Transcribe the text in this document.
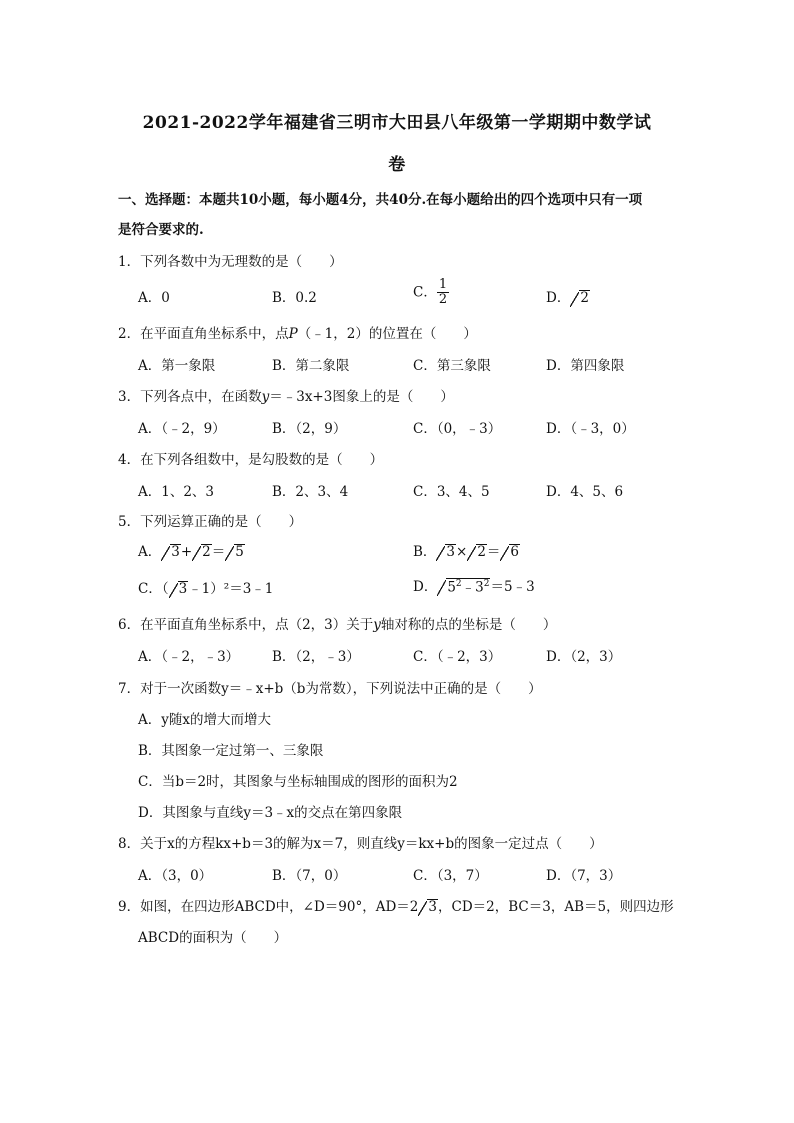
2021-2022学年福建省三明市大田县八年级第一学期期中数学试
卷
一、选择题：本题共10小题，每小题4分，共40分.在每小题给出的四个选项中只有一项
是符合要求的.
1．下列各数中为无理数的是（　　）
A．0	B．0.2	C． $\frac{1}{2}$	D． 2
2．在平面直角坐标系中，点P（﹣1，2）的位置在（　　）
A．第一象限	B．第二象限	C．第三象限	D．第四象限
3．下列各点中，在函数y＝﹣3x+3图象上的是（　　）
A．（﹣2，9）	B．（2，9）	C．（0，﹣3）	D．（﹣3，0）
4．在下列各组数中，是勾股数的是（　　）
A．1、2、3	B．2、3、4	C．3、4、5	D．4、5、6
5．下列运算正确的是（　　）
A． 3+ 2＝ 5	B． 3× 2＝ 6
C．（ 3﹣1）²＝3﹣1	D． $5^2﹣3^2=5﹣3$
6．在平面直角坐标系中，点（2，3）关于y轴对称的点的坐标是（　　）
A．（﹣2，﹣3） B．（2，﹣3）	C．（﹣2，3）	D．（2，3）
7．对于一次函数y＝﹣x+b（b为常数），下列说法中正确的是（　　）
A．y随x的增大而增大
B．其图象一定过第一、三象限
C．当b＝2时，其图象与坐标轴围成的图形的面积为2
D．其图象与直线y＝3﹣x的交点在第四象限
8．关于x的方程kx+b＝3的解为x＝7，则直线y＝kx+b的图象一定过点（　　）
A．（3，0）	B．（7，0）	C．（3，7）	D．（7，3）
9．如图，在四边形ABCD中，∠D＝90°，AD＝2 3，CD＝2，BC＝3，AB＝5，则四边形
ABCD的面积为（　　）
